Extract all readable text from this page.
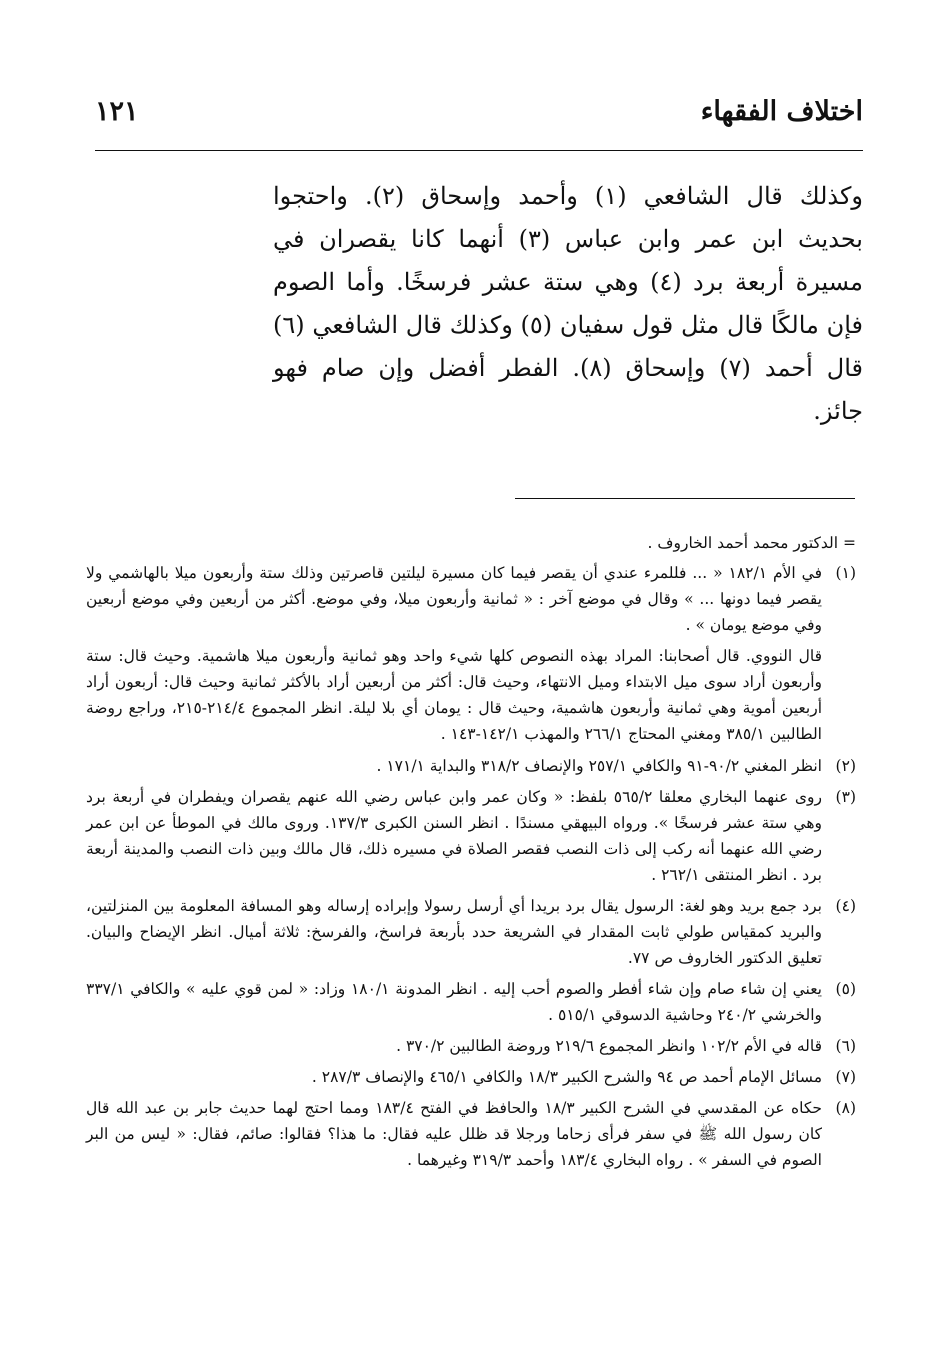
اختلاف الفقهاء
١٢١

وكذلك قال الشافعي (١) وأحمد وإسحاق (٢). واحتجوا بحديث ابن عمر وابن عباس (٣) أنهما كانا يقصران في مسيرة أربعة برد (٤) وهي ستة عشر فرسخًا. وأما الصوم فإن مالكًا قال مثل قول سفيان (٥) وكذلك قال الشافعي (٦) قال أحمد (٧) وإسحاق (٨). الفطر أفضل وإن صام فهو جائز.

= الدكتور محمد أحمد الخاروف .
(١)
في الأم ١٨٢/١ « ... فللمرء عندي أن يقصر فيما كان مسيرة ليلتين قاصرتين وذلك ستة وأربعون ميلا بالهاشمي ولا يقصر فيما دونها ... » وقال في موضع آخر : « ثمانية وأربعون ميلا، وفي موضع. أكثر من أربعين وفي موضع أربعين وفي موضع يومان » .
قال النووي. قال أصحابنا: المراد بهذه النصوص كلها شيء واحد وهو ثمانية وأربعون ميلا هاشمية. وحيث قال: ستة وأربعون أراد سوى ميل الابتداء وميل الانتهاء، وحيث قال: أكثر من أربعين أراد بالأكثر ثمانية وحيث قال: أربعون أراد أربعين أموية وهي ثمانية وأربعون هاشمية، وحيث قال : يومان أي بلا ليلة. انظر المجموع ٢١٤/٤-٢١٥، وراجع روضة الطالبين ٣٨٥/١ ومغني المحتاج ٢٦٦/١ والمهذب ١٤٢/١-١٤٣ .
(٢)
انظر المغني ٩٠/٢-٩١ والكافي ٢٥٧/١ والإنصاف ٣١٨/٢ والبداية ١٧١/١ .
(٣)
روى عنهما البخاري معلقا ٥٦٥/٢ بلفظ: « وكان عمر وابن عباس رضي الله عنهم يقصران ويفطران في أربعة برد وهي ستة عشر فرسخًا ». ورواه البيهقي مسندًا . انظر السنن الكبرى ١٣٧/٣. وروى مالك في الموطأ عن ابن عمر رضي الله عنهما أنه ركب إلى ذات النصب فقصر الصلاة في مسيره ذلك، قال مالك وبين ذات النصب والمدينة أربعة برد . انظر المنتقى ٢٦٢/١ .
(٤)
برد جمع بريد وهو لغة: الرسول يقال برد بريدا أي أرسل رسولا وإبراده إرساله وهو المسافة المعلومة بين المنزلتين، والبريد كمقياس طولي ثابت المقدار في الشريعة حدد بأربعة فراسخ، والفرسخ: ثلاثة أميال. انظر الإيضاح والبيان. تعليق الدكتور الخاروف ص ٧٧.
(٥)
يعني إن شاء صام وإن شاء أفطر والصوم أحب إليه . انظر المدونة ١٨٠/١ وزاد: « لمن قوي عليه » والكافي ٣٣٧/١ والخرشي ٢٤٠/٢ وحاشية الدسوقي ٥١٥/١ .
(٦)
قاله في الأم ١٠٢/٢ وانظر المجموع ٢١٩/٦ وروضة الطالبين ٣٧٠/٢ .
(٧)
مسائل الإمام أحمد ص ٩٤ والشرح الكبير ١٨/٣ والكافي ٤٦٥/١ والإنصاف ٢٨٧/٣ .
(٨)
حكاه عن المقدسي في الشرح الكبير ١٨/٣ والحافظ في الفتح ١٨٣/٤ ومما احتج لهما حديث جابر بن عبد الله قال كان رسول الله ﷺ في سفر فرأى زحاما ورجلا قد ظلل عليه فقال: ما هذا؟ فقالوا: صائم، فقال: « ليس من البر الصوم في السفر » . رواه البخاري ١٨٣/٤ وأحمد ٣١٩/٣ وغيرهما .
